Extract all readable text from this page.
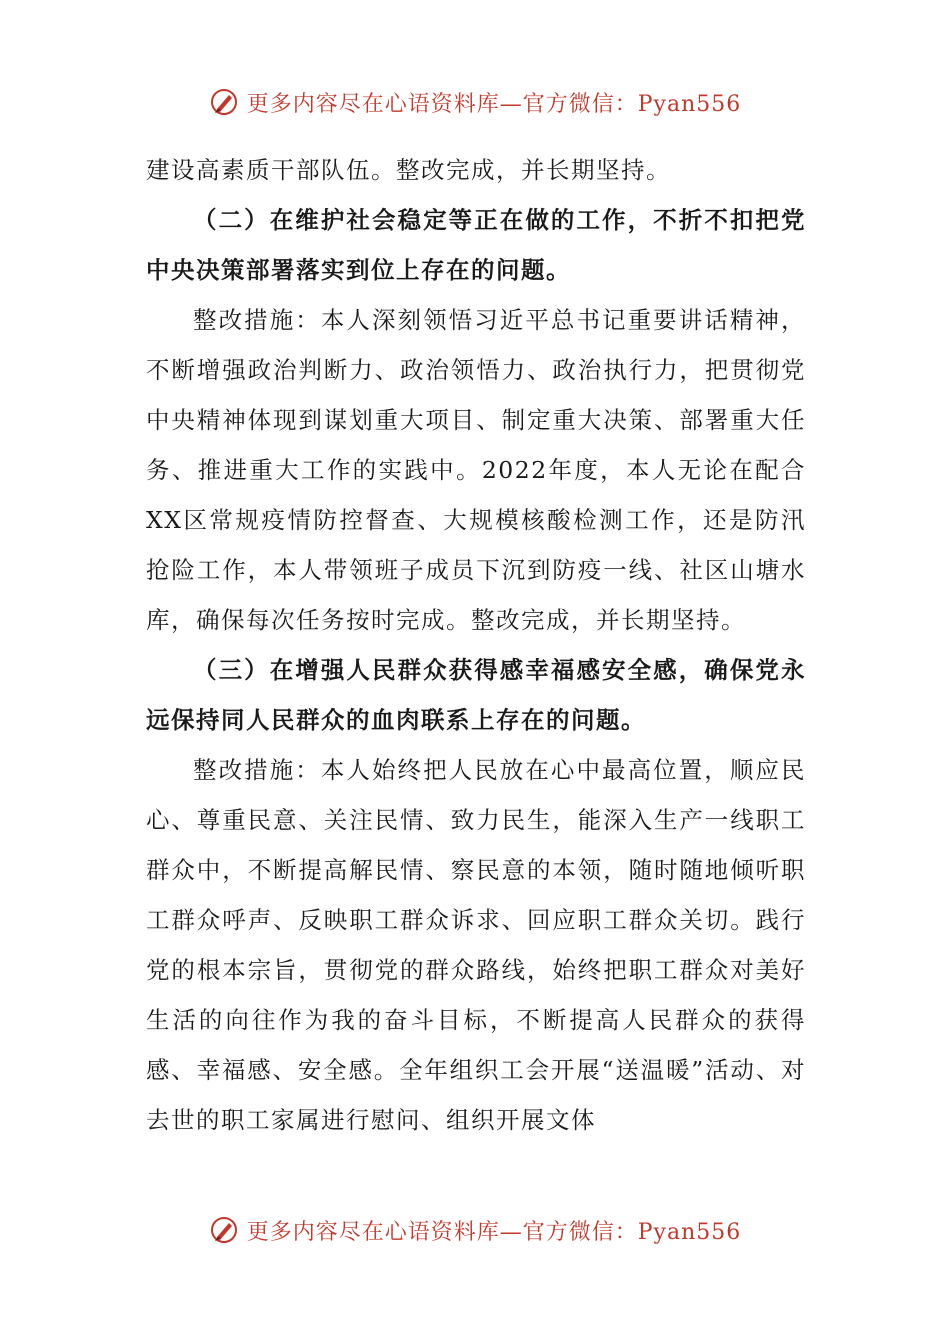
更多内容尽在心语资料库—官方微信：Pyan556

建设高素质干部队伍。整改完成，并长期坚持。

（二）在维护社会稳定等正在做的工作，不折不扣把党中央决策部署落实到位上存在的问题。

整改措施：本人深刻领悟习近平总书记重要讲话精神，不断增强政治判断力、政治领悟力、政治执行力，把贯彻党中央精神体现到谋划重大项目、制定重大决策、部署重大任务、推进重大工作的实践中。2022年度，本人无论在配合XX区常规疫情防控督查、大规模核酸检测工作，还是防汛抢险工作，本人带领班子成员下沉到防疫一线、社区山塘水库，确保每次任务按时完成。整改完成，并长期坚持。

（三）在增强人民群众获得感幸福感安全感，确保党永远保持同人民群众的血肉联系上存在的问题。

整改措施：本人始终把人民放在心中最高位置，顺应民心、尊重民意、关注民情、致力民生，能深入生产一线职工群众中，不断提高解民情、察民意的本领，随时随地倾听职工群众呼声、反映职工群众诉求、回应职工群众关切。践行党的根本宗旨，贯彻党的群众路线，始终把职工群众对美好生活的向往作为我的奋斗目标，不断提高人民群众的获得感、幸福感、安全感。全年组织工会开展“送温暖”活动、对去世的职工家属进行慰问、组织开展文体

更多内容尽在心语资料库—官方微信：Pyan556
